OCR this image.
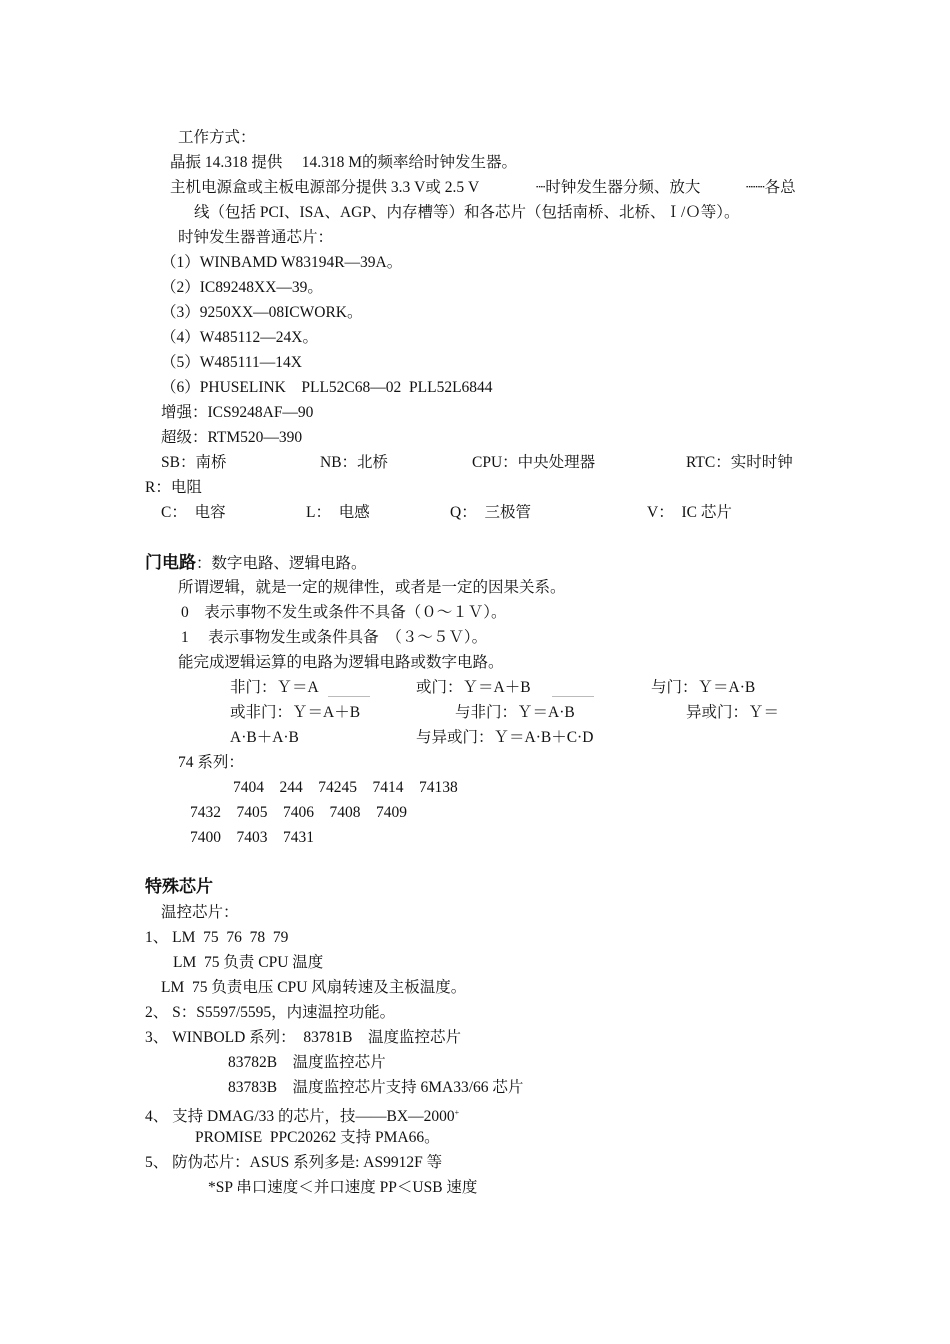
工作方式：
晶振 14.318 提供　 14.318 M的频率给时钟发生器。
主机电源盒或主板电源部分提供 3.3 V或 2.5 V	┈时钟发生器分频、放大	┈┈各总
线（包括 PCI、ISA、AGP、内存槽等）和各芯片（包括南桥、北桥、Ｉ/Ｏ等）。
时钟发生器普通芯片：
（1）WINBAMD W83194R—39A。
（2）IC89248XX—39。
（3）9250XX—08ICWORK。
（4）W485112—24X。
（5）W485111—14X
（6）PHUSELINK　PLL52C68—02  PLL52L6844
增强：ICS9248AF—90
超级：RTM520—390
SB：南桥	NB：北桥	CPU：中央处理器	RTC：实时时钟
R：电阻
C：　电容	L：　电感	Q：　三极管	V：　IC 芯片
门电路：数字电路、逻辑电路。
所谓逻辑，就是一定的规律性，或者是一定的因果关系。
0　表示事物不发生或条件不具备（０～１Ｖ）。
1　 表示事物发生或条件具备　（３～５Ｖ）。
能完成逻辑运算的电路为逻辑电路或数字电路。
非门：Ｙ＝A	或门：Ｙ＝A＋B	与门：Ｙ＝A·B
或非门：Ｙ＝A＋B	与非门：Ｙ＝A·B	异或门：Ｙ＝
A·B＋A·B	与异或门：Ｙ＝A·B＋C·D
74 系列：
7404　244　74245　7414　74138
7432　7405　7406　7408　7409
7400　7403　7431
特殊芯片
温控芯片：
1、 LM  75  76  78  79
LM  75 负责 CPU 温度
LM  75 负责电压 CPU 风扇转速及主板温度。
2、 S：S5597/5595，内速温控功能。
3、 WINBOLD 系列：　83781B　温度监控芯片
83782B　温度监控芯片
83783B　温度监控芯片支持 6MA33/66 芯片
4、 支持 DMAG/33 的芯片，技——BX—2000+
PROMISE  PPC20262 支持 PMA66。
5、 防伪芯片：ASUS 系列多是: AS9912F 等
*SP 串口速度＜并口速度 PP＜USB 速度
